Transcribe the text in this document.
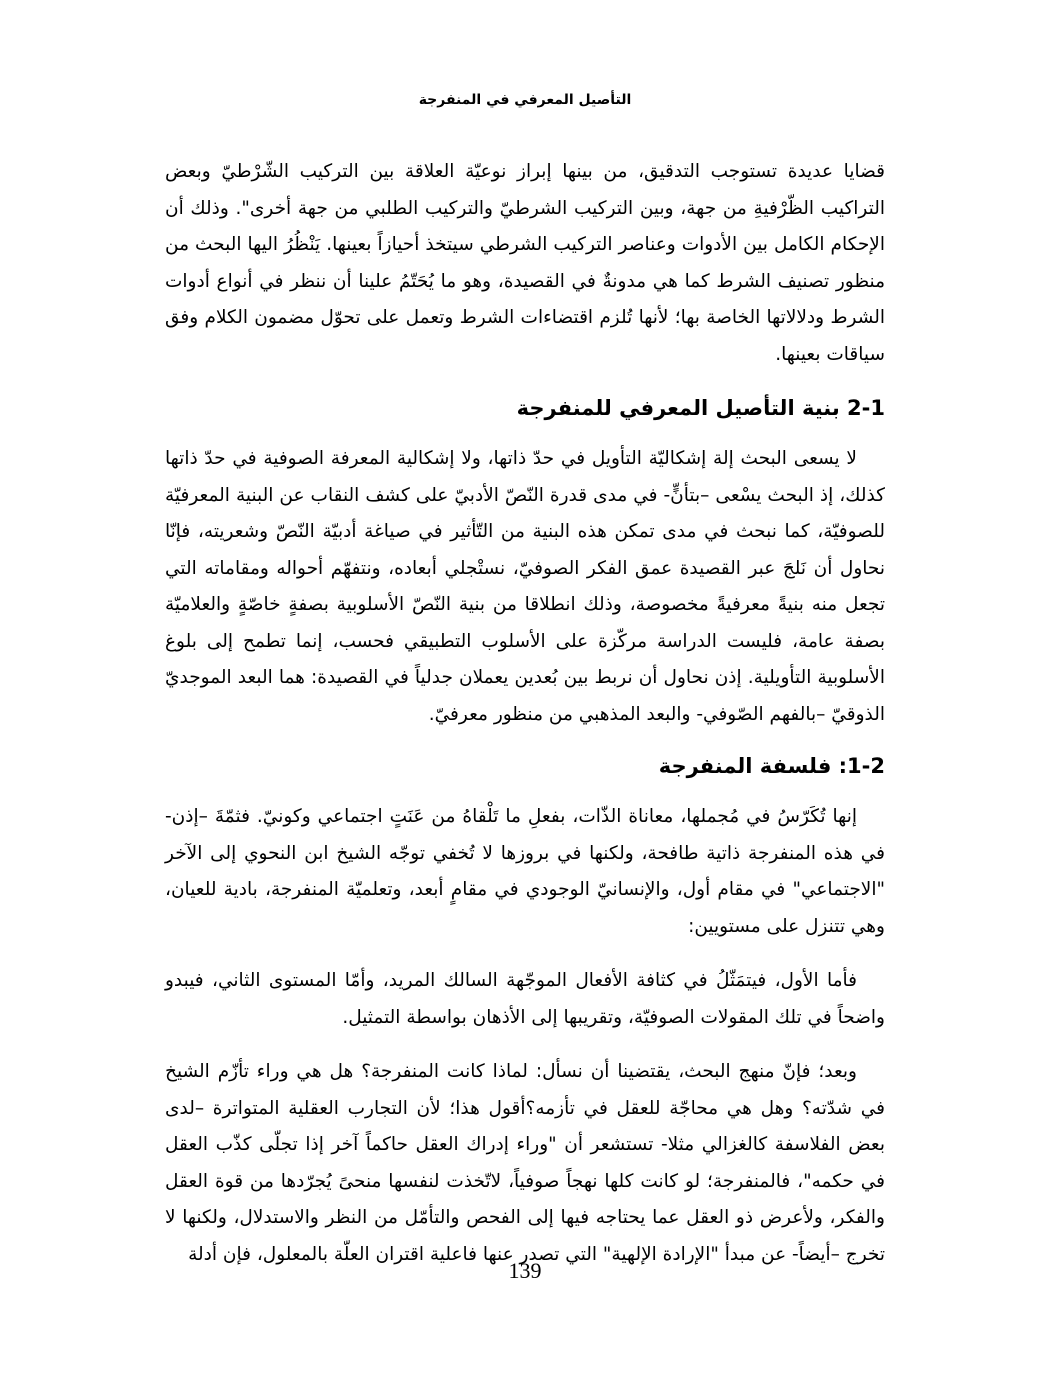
التأصيل المعرفي في المنفرجة

قضايا عديدة تستوجب التدقيق، من بينها إبراز نوعيّة العلاقة بين التركيب الشّرْطيّ وبعض التراكيب الظّرْفيةِ من جهة، وبين التركيب الشرطيّ والتركيب الطلبي من جهة أخرى". وذلك أن الإحكام الكامل بين الأدوات وعناصر التركيب الشرطي سيتخذ أحيازاً بعينها. يَنْظُرُ اليها البحث من منظور تصنيف الشرط كما هي مدونةٌ في القصيدة، وهو ما يُحَتّمُ علينا أن ننظر في أنواع أدوات الشرط ودلالاتها الخاصة بها؛ لأنها تُلزم اقتضاءات الشرط وتعمل على تحوّل مضمون الكلام وفق سياقات بعينها.

2-1 بنية التأصيل المعرفي للمنفرجة

لا يسعى البحث إلة إشكاليّة التأويل في حدّ ذاتها، ولا إشكالية المعرفة الصوفية في حدّ ذاتها كذلك، إذ البحث يسْعى –بتأنٍّ- في مدى قدرة النّصّ الأدبيّ على كشف النقاب عن البنية المعرفيّة للصوفيّة، كما نبحث في مدى تمكن هذه البنية من التّأثير في صياغة أدبيّة النّصّ وشعريته، فإنّا نحاول أن نَلجَ عبر القصيدة عمق الفكر الصوفيّ، نستْجلي أبعاده، ونتفهّم أحواله ومقاماته التي تجعل منه بنيةً معرفيةً مخصوصة، وذلك انطلاقا من بنية النّصّ الأسلوبية بصفةٍ خاصّةٍ والعلاميّة بصفة عامة، فليست الدراسة مركّزة على الأسلوب التطبيقي فحسب، إنما تطمح إلى بلوغ الأسلوبية التأويلية. إذن نحاول أن نربط بين بُعدين يعملان جدلياً في القصيدة: هما البعد الموجديّ الذوقيّ –بالفهم الصّوفي- والبعد المذهبي من منظور معرفيّ.

1-2: فلسفة المنفرجة

إنها تُكَرّسُ في مُجملها، معاناة الذّات، بفعلِ ما تَلْقاهُ من عَنَتٍ اجتماعي وكونيّ. فثمّةَ –إذن- في هذه المنفرجة ذاتية طافحة، ولكنها في بروزها لا تُخفي توجّه الشيخ ابن النحوي إلى الآخر "الاجتماعي" في مقام أول، والإنسانيّ الوجودي في مقامٍ أبعد، وتعلميّة المنفرجة، بادية للعيان، وهي تتنزل على مستويين:

فأما الأول، فيتمَثّلُ في كثافة الأفعال الموجّهة السالك المريد، وأمّا المستوى الثاني، فيبدو واضحاً في تلك المقولات الصوفيّة، وتقريبها إلى الأذهان بواسطة التمثيل.

وبعد؛ فإنّ منهج البحث، يقتضينا أن نسأل: لماذا كانت المنفرجة؟ هل هي وراء تأزّم الشيخ في شدّته؟ وهل هي محاجّة للعقل في تأزمه؟أقول هذا؛ لأن التجارب العقلية المتواترة –لدى بعض الفلاسفة كالغزالي مثلا- تستشعر أن "وراء إدراك العقل حاكماً آخر إذا تجلّى كذّب العقل في حكمه"، فالمنفرجة؛ لو كانت كلها نهجاً صوفياً، لاتّخذت لنفسها منحىً يُجرّدها من قوة العقل والفكر، ولأعرض ذو العقل عما يحتاجه فيها إلى الفحص والتأمّل من النظر والاستدلال، ولكنها لا تخرج –أيضاً- عن مبدأ "الإرادة الإلهية" التي تصدر عنها فاعلية اقتران العلّة بالمعلول، فإن أدلة

139
